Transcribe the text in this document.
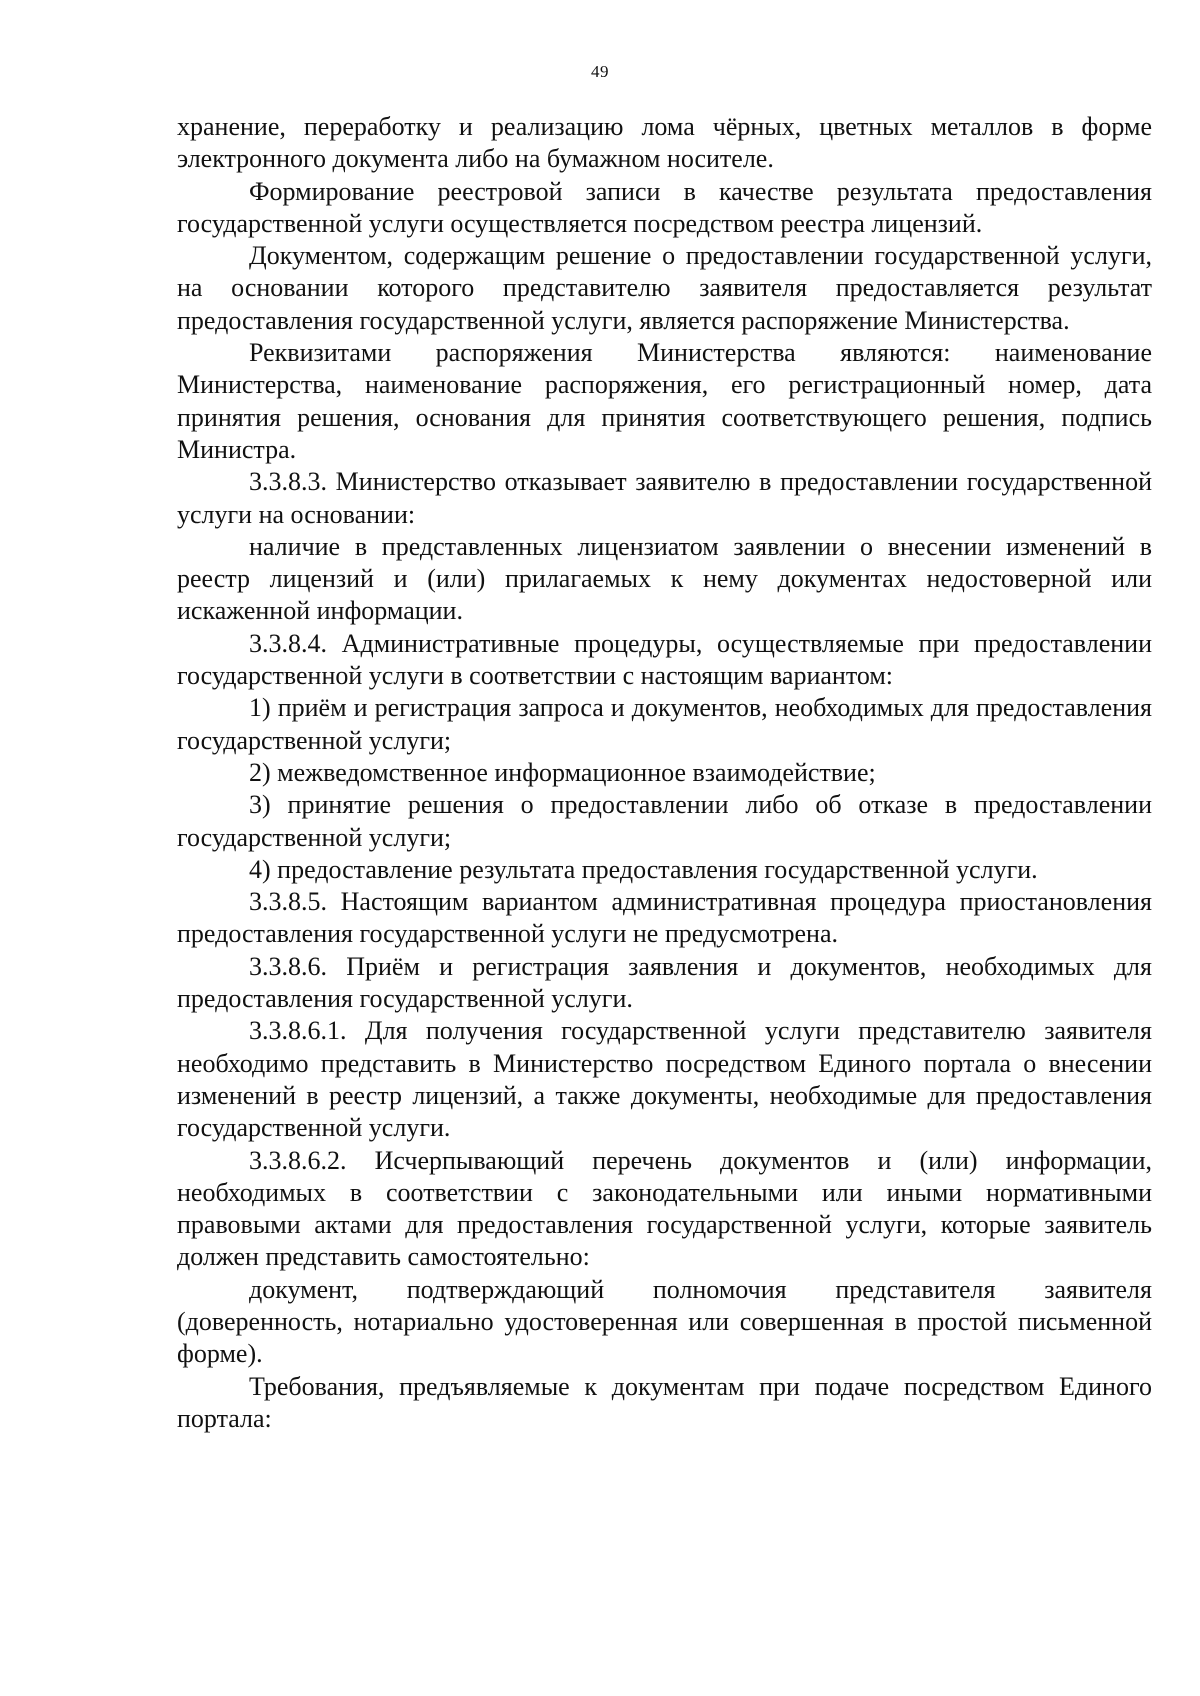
49

хранение, переработку и реализацию лома чёрных, цветных металлов в форме электронного документа либо на бумажном носителе.

Формирование реестровой записи в качестве результата предоставления государственной услуги осуществляется посредством реестра лицензий.

Документом, содержащим решение о предоставлении государственной услуги, на основании которого представителю заявителя предоставляется результат предоставления государственной услуги, является распоряжение Министерства.

Реквизитами распоряжения Министерства являются: наименование Министерства, наименование распоряжения, его регистрационный номер, дата принятия решения, основания для принятия соответствующего решения, подпись Министра.

3.3.8.3. Министерство отказывает заявителю в предоставлении государственной услуги на основании:

наличие в представленных лицензиатом заявлении о внесении изменений в реестр лицензий и (или) прилагаемых к нему документах недостоверной или искаженной информации.

3.3.8.4. Административные процедуры, осуществляемые при предоставлении государственной услуги в соответствии с настоящим вариантом:

1) приём и регистрация запроса и документов, необходимых для предоставления государственной услуги;

2) межведомственное информационное взаимодействие;

3) принятие решения о предоставлении либо об отказе в предоставлении государственной услуги;

4) предоставление результата предоставления государственной услуги.

3.3.8.5. Настоящим вариантом административная процедура приостановления предоставления государственной услуги не предусмотрена.

3.3.8.6. Приём и регистрация заявления и документов, необходимых для предоставления государственной услуги.

3.3.8.6.1. Для получения государственной услуги представителю заявителя необходимо представить в Министерство посредством Единого портала о внесении изменений в реестр лицензий, а также документы, необходимые для предоставления государственной услуги.

3.3.8.6.2. Исчерпывающий перечень документов и (или) информации, необходимых в соответствии с законодательными или иными нормативными правовыми актами для предоставления государственной услуги, которые заявитель должен представить самостоятельно:

документ, подтверждающий полномочия представителя заявителя (доверенность, нотариально удостоверенная или совершенная в простой письменной форме).

Требования, предъявляемые к документам при подаче посредством Единого портала:
